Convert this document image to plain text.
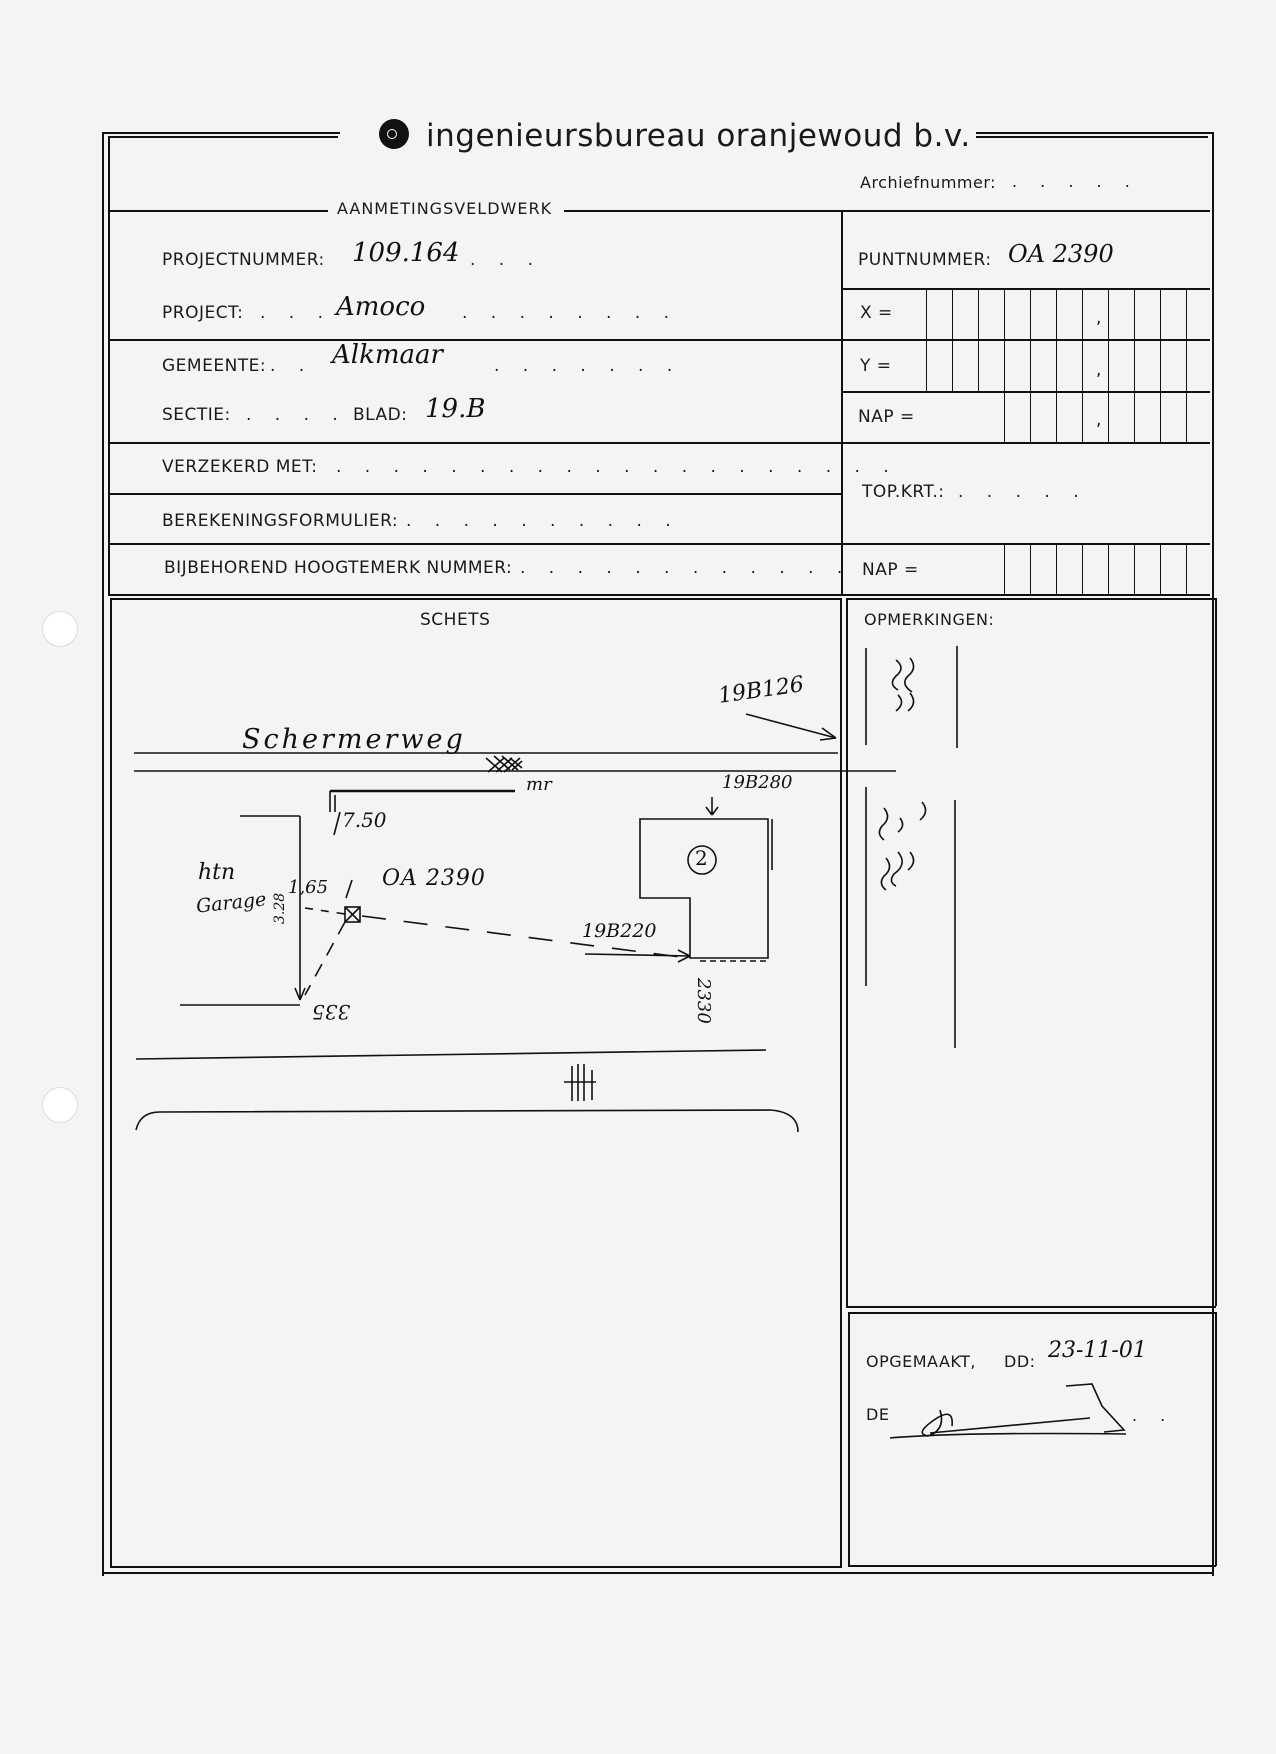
ingenieursbureau oranjewoud b.v.
Archiefnummer: . . . . .
AANMETINGSVELDWERK
PROJECTNUMMER: 109.164 . . .	PUNTNUMMER: OA 2390
PROJECT: . . . Amoco . . . . . . . .	X =	,
GEMEENTE: . . Alkmaar	. . . . . . .	Y =	,
SECTIE: . . . . BLAD: 19.B	NAP =	,
VERZEKERD MET: . . . . . . . . . . . . . . . . . . . .
TOP.KRT.: . . . . .
BEREKENINGSFORMULIER: . . . . . . . . . .
BIJBEHOREND HOOGTEMERK NUMMER: . . . . . . . . . . . . NAP =
SCHETS	OPMERKINGEN:
Schermerweg
19B126
19B280
19B220
OA 2390
7.50
1,65
3.28
htn
Garage
2
2330
335
mr
OPGEMAAKT, DD: 23-11-01
DE	. .
